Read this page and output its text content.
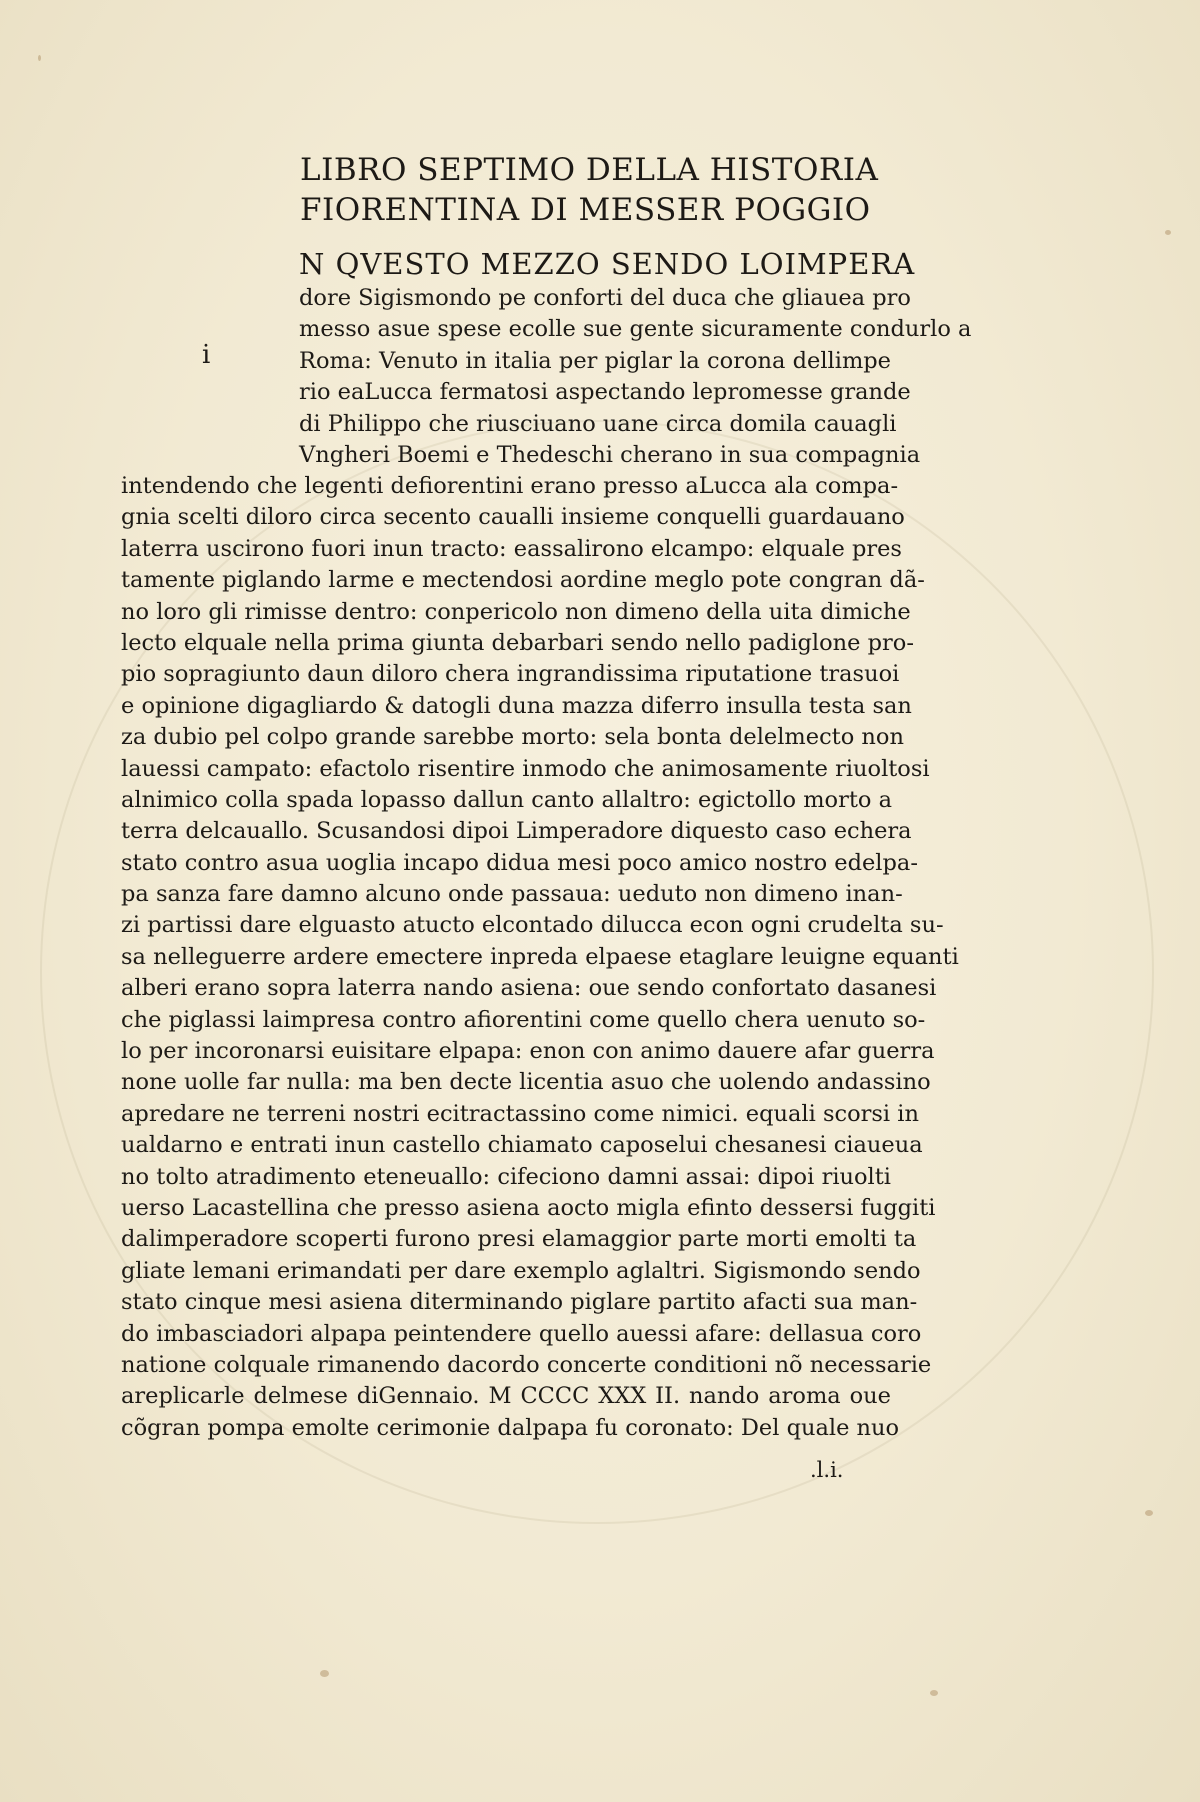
LIBRO SEPTIMO DELLA HISTORIA
FIORENTINA DI MESSER POGGIO
N QVESTO MEZZO SENDO LOIMPERA
i
dore Sigismondo pe conforti del duca che gliauea pro
messo asue spese ecolle sue gente sicuramente condurlo a
Roma: Venuto in italia per piglar la corona dellimpe
rio eaLucca fermatosi aspectando lepromesse grande
di Philippo che riusciuano uane circa domila cauagli
Vngheri Boemi e Thedeschi cherano in sua compagnia
intendendo che legenti defiorentini erano presso aLucca ala compa-
gnia scelti diloro circa secento caualli insieme conquelli guardauano
laterra uscirono fuori inun tracto: eassalirono elcampo: elquale pres
tamente piglando larme e mectendosi aordine meglo pote congran dã-
no loro gli rimisse dentro: conpericolo non dimeno della uita dimiche
lecto elquale nella prima giunta debarbari sendo nello padiglone pro-
pio sopragiunto daun diloro chera ingrandissima riputatione trasuoi
e opinione digagliardo & datogli duna mazza diferro insulla testa san
za dubio pel colpo grande sarebbe morto: sela bonta delelmecto non
lauessi campato: efactolo risentire inmodo che animosamente riuoltosi
alnimico colla spada lopasso dallun canto allaltro: egictollo morto a
terra delcauallo. Scusandosi dipoi Limperadore diquesto caso echera
stato contro asua uoglia incapo didua mesi poco amico nostro edelpa-
pa sanza fare damno alcuno onde passaua: ueduto non dimeno inan-
zi partissi dare elguasto atucto elcontado dilucca econ ogni crudelta su-
sa nelleguerre ardere emectere inpreda elpaese etaglare leuigne equanti
alberi erano sopra laterra nando asiena: oue sendo confortato dasanesi
che piglassi laimpresa contro afiorentini come quello chera uenuto so-
lo per incoronarsi euisitare elpapa: enon con animo dauere afar guerra
none uolle far nulla: ma ben decte licentia asuo che uolendo andassino
apredare ne terreni nostri ecitractassino come nimici. equali scorsi in
ualdarno e entrati inun castello chiamato caposelui chesanesi ciaueua
no tolto atradimento eteneuallo: cifeciono damni assai: dipoi riuolti
uerso Lacastellina che presso asiena aocto migla efinto dessersi fuggiti
dalimperadore scoperti furono presi elamaggior parte morti emolti ta
gliate lemani erimandati per dare exemplo aglaltri. Sigismondo sendo
stato cinque mesi asiena diterminando piglare partito afacti sua man-
do imbasciadori alpapa peintendere quello auessi afare: dellasua coro
natione colquale rimanendo dacordo concerte conditioni nõ necessarie
areplicarle delmese diGennaio. M CCCC XXX II. nando aroma oue
cõgran pompa emolte cerimonie dalpapa fu coronato: Del quale nuo
.l.i.
